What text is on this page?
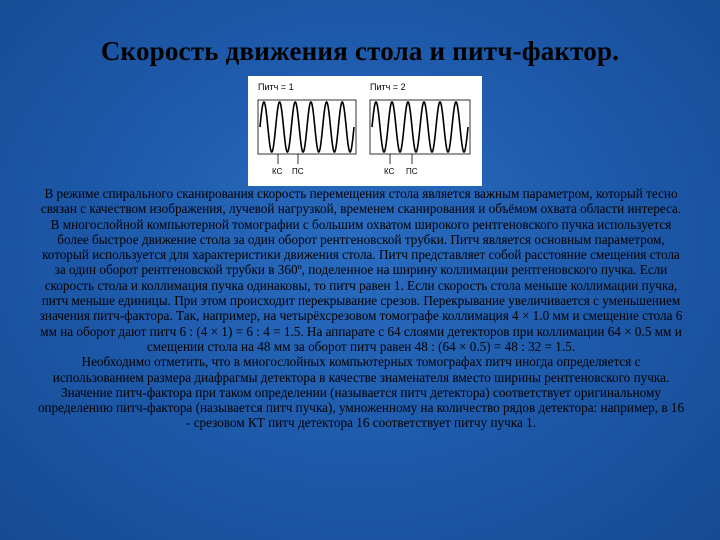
Скорость движения стола и питч-фактор.
Питч = 1
КС ПС
Питч = 2
КС ПС

В режиме спирального сканирования скорость перемещения стола является важным параметром, который тесно связан с качеством изображения, лучевой нагрузкой, временем сканирования и объёмом охвата области интереса. В многослойной компьютерной томографии с большим охватом широкого рентгеновского пучка используется более быстрое движение стола за один оборот рентгеновской трубки. Питч является основным параметром, который используется для характеристики движения стола. Питч представляет собой расстояние смещения стола за один оборот рентгеновской трубки в 360º, поделенное на ширину коллимации рентгеновского пучка. Если скорость стола и коллимация пучка одинаковы, то питч равен 1. Если скорость стола меньше коллимации пучка, питч меньше единицы. При этом происходит перекрывание срезов. Перекрывание увеличивается с уменьшением значения питч-фактора. Так, например, на четырёхсрезовом томографе коллимация 4 × 1.0 мм и смещение стола 6 мм на оборот дают питч 6 : (4 × 1) = 6 : 4 = 1.5. На аппарате с 64 слоями детекторов при коллимации 64 × 0.5 мм и смещении стола на 48 мм за оборот питч равен 48 : (64 × 0.5) = 48 : 32 = 1.5.

Необходимо отметить, что в многослойных компьютерных томографах питч иногда определяется с использованием размера диафрагмы детектора в качестве знаменателя вместо ширины рентгеновского пучка. Значение питч-фактора при таком определении (называется питч детектора) соответствует оригинальному определению питч-фактора (называется питч пучка), умноженному на количество рядов детектора: например, в 16 - срезовом КТ питч детектора 16 соответствует питчу пучка 1.
